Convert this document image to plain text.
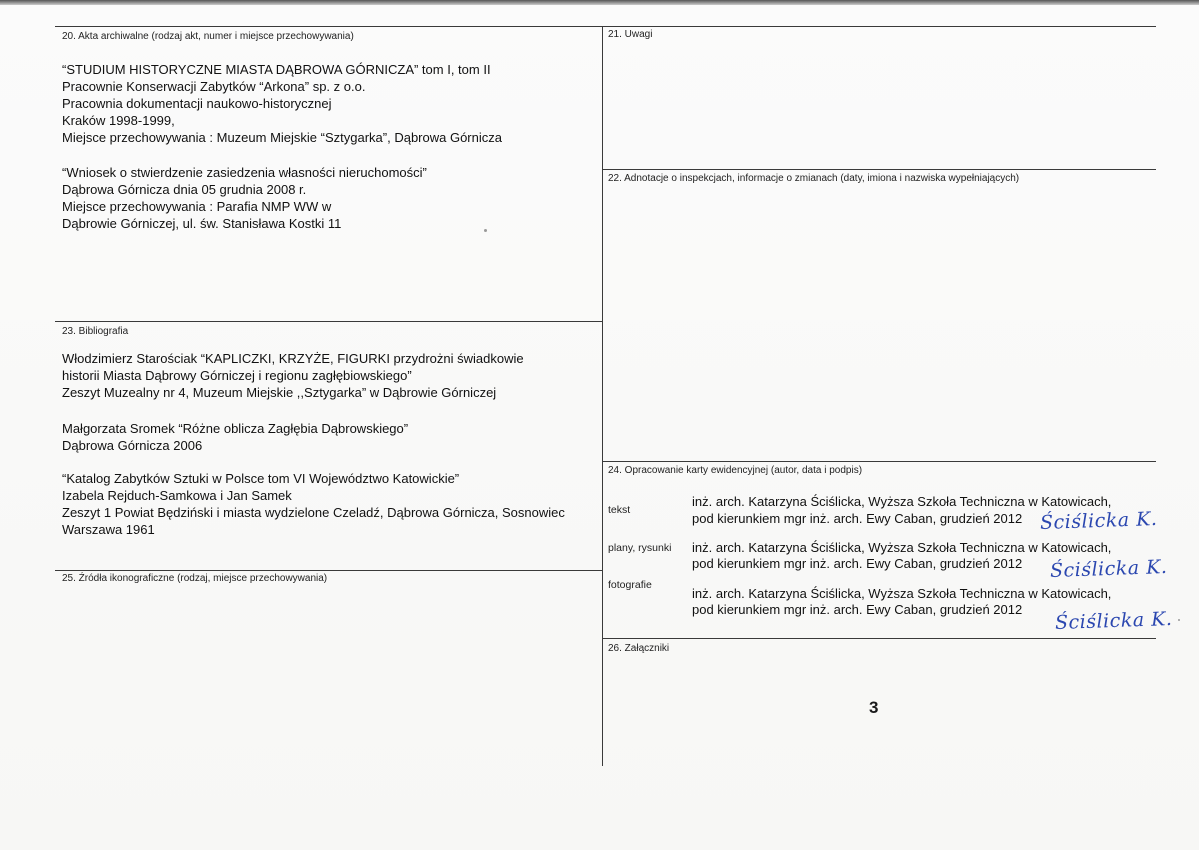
20. Akta archiwalne (rodzaj akt, numer i miejsce przechowywania)
“STUDIUM HISTORYCZNE MIASTA DĄBROWA GÓRNICZA” tom I, tom II
Pracownie Konserwacji Zabytków “Arkona” sp. z o.o.
Pracownia dokumentacji naukowo-historycznej
Kraków 1998-1999,
Miejsce przechowywania : Muzeum Miejskie “Sztygarka”, Dąbrowa Górnicza
“Wniosek o stwierdzenie zasiedzenia własności nieruchomości”
Dąbrowa Górnicza dnia 05 grudnia 2008 r.
Miejsce przechowywania : Parafia NMP WW w
Dąbrowie Górniczej, ul. św. Stanisława Kostki 11
21. Uwagi
22. Adnotacje o inspekcjach, informacje o zmianach (daty, imiona i nazwiska wypełniających)
23. Bibliografia
Włodzimierz Starościak “KAPLICZKI, KRZYŻE, FIGURKI przydrożni świadkowie
historii Miasta Dąbrowy Górniczej i regionu zagłębiowskiego”
Zeszyt Muzealny nr 4, Muzeum Miejskie ,,Sztygarka” w Dąbrowie Górniczej
Małgorzata Sromek “Różne oblicza Zagłębia Dąbrowskiego”
Dąbrowa Górnicza 2006
“Katalog Zabytków Sztuki w Polsce tom VI Województwo Katowickie”
Izabela Rejduch-Samkowa i Jan Samek
Zeszyt 1 Powiat Będziński i miasta wydzielone Czeladź, Dąbrowa Górnicza, Sosnowiec
Warszawa 1961
24. Opracowanie karty ewidencyjnej (autor, data i podpis)
tekst
inż. arch. Katarzyna Ściślicka, Wyższa Szkoła Techniczna w Katowicach,
pod kierunkiem mgr inż. arch. Ewy Caban, grudzień 2012 Ściślicka K.
plany, rysunki inż. arch. Katarzyna Ściślicka, Wyższa Szkoła Techniczna w Katowicach,
pod kierunkiem mgr inż. arch. Ewy Caban, grudzień 2012 Ściślicka K.
fotografie
inż. arch. Katarzyna Ściślicka, Wyższa Szkoła Techniczna w Katowicach,
pod kierunkiem mgr inż. arch. Ewy Caban, grudzień 2012 Ściślicka K.
25. Źródła ikonograficzne (rodzaj, miejsce przechowywania)
26. Załączniki
3
